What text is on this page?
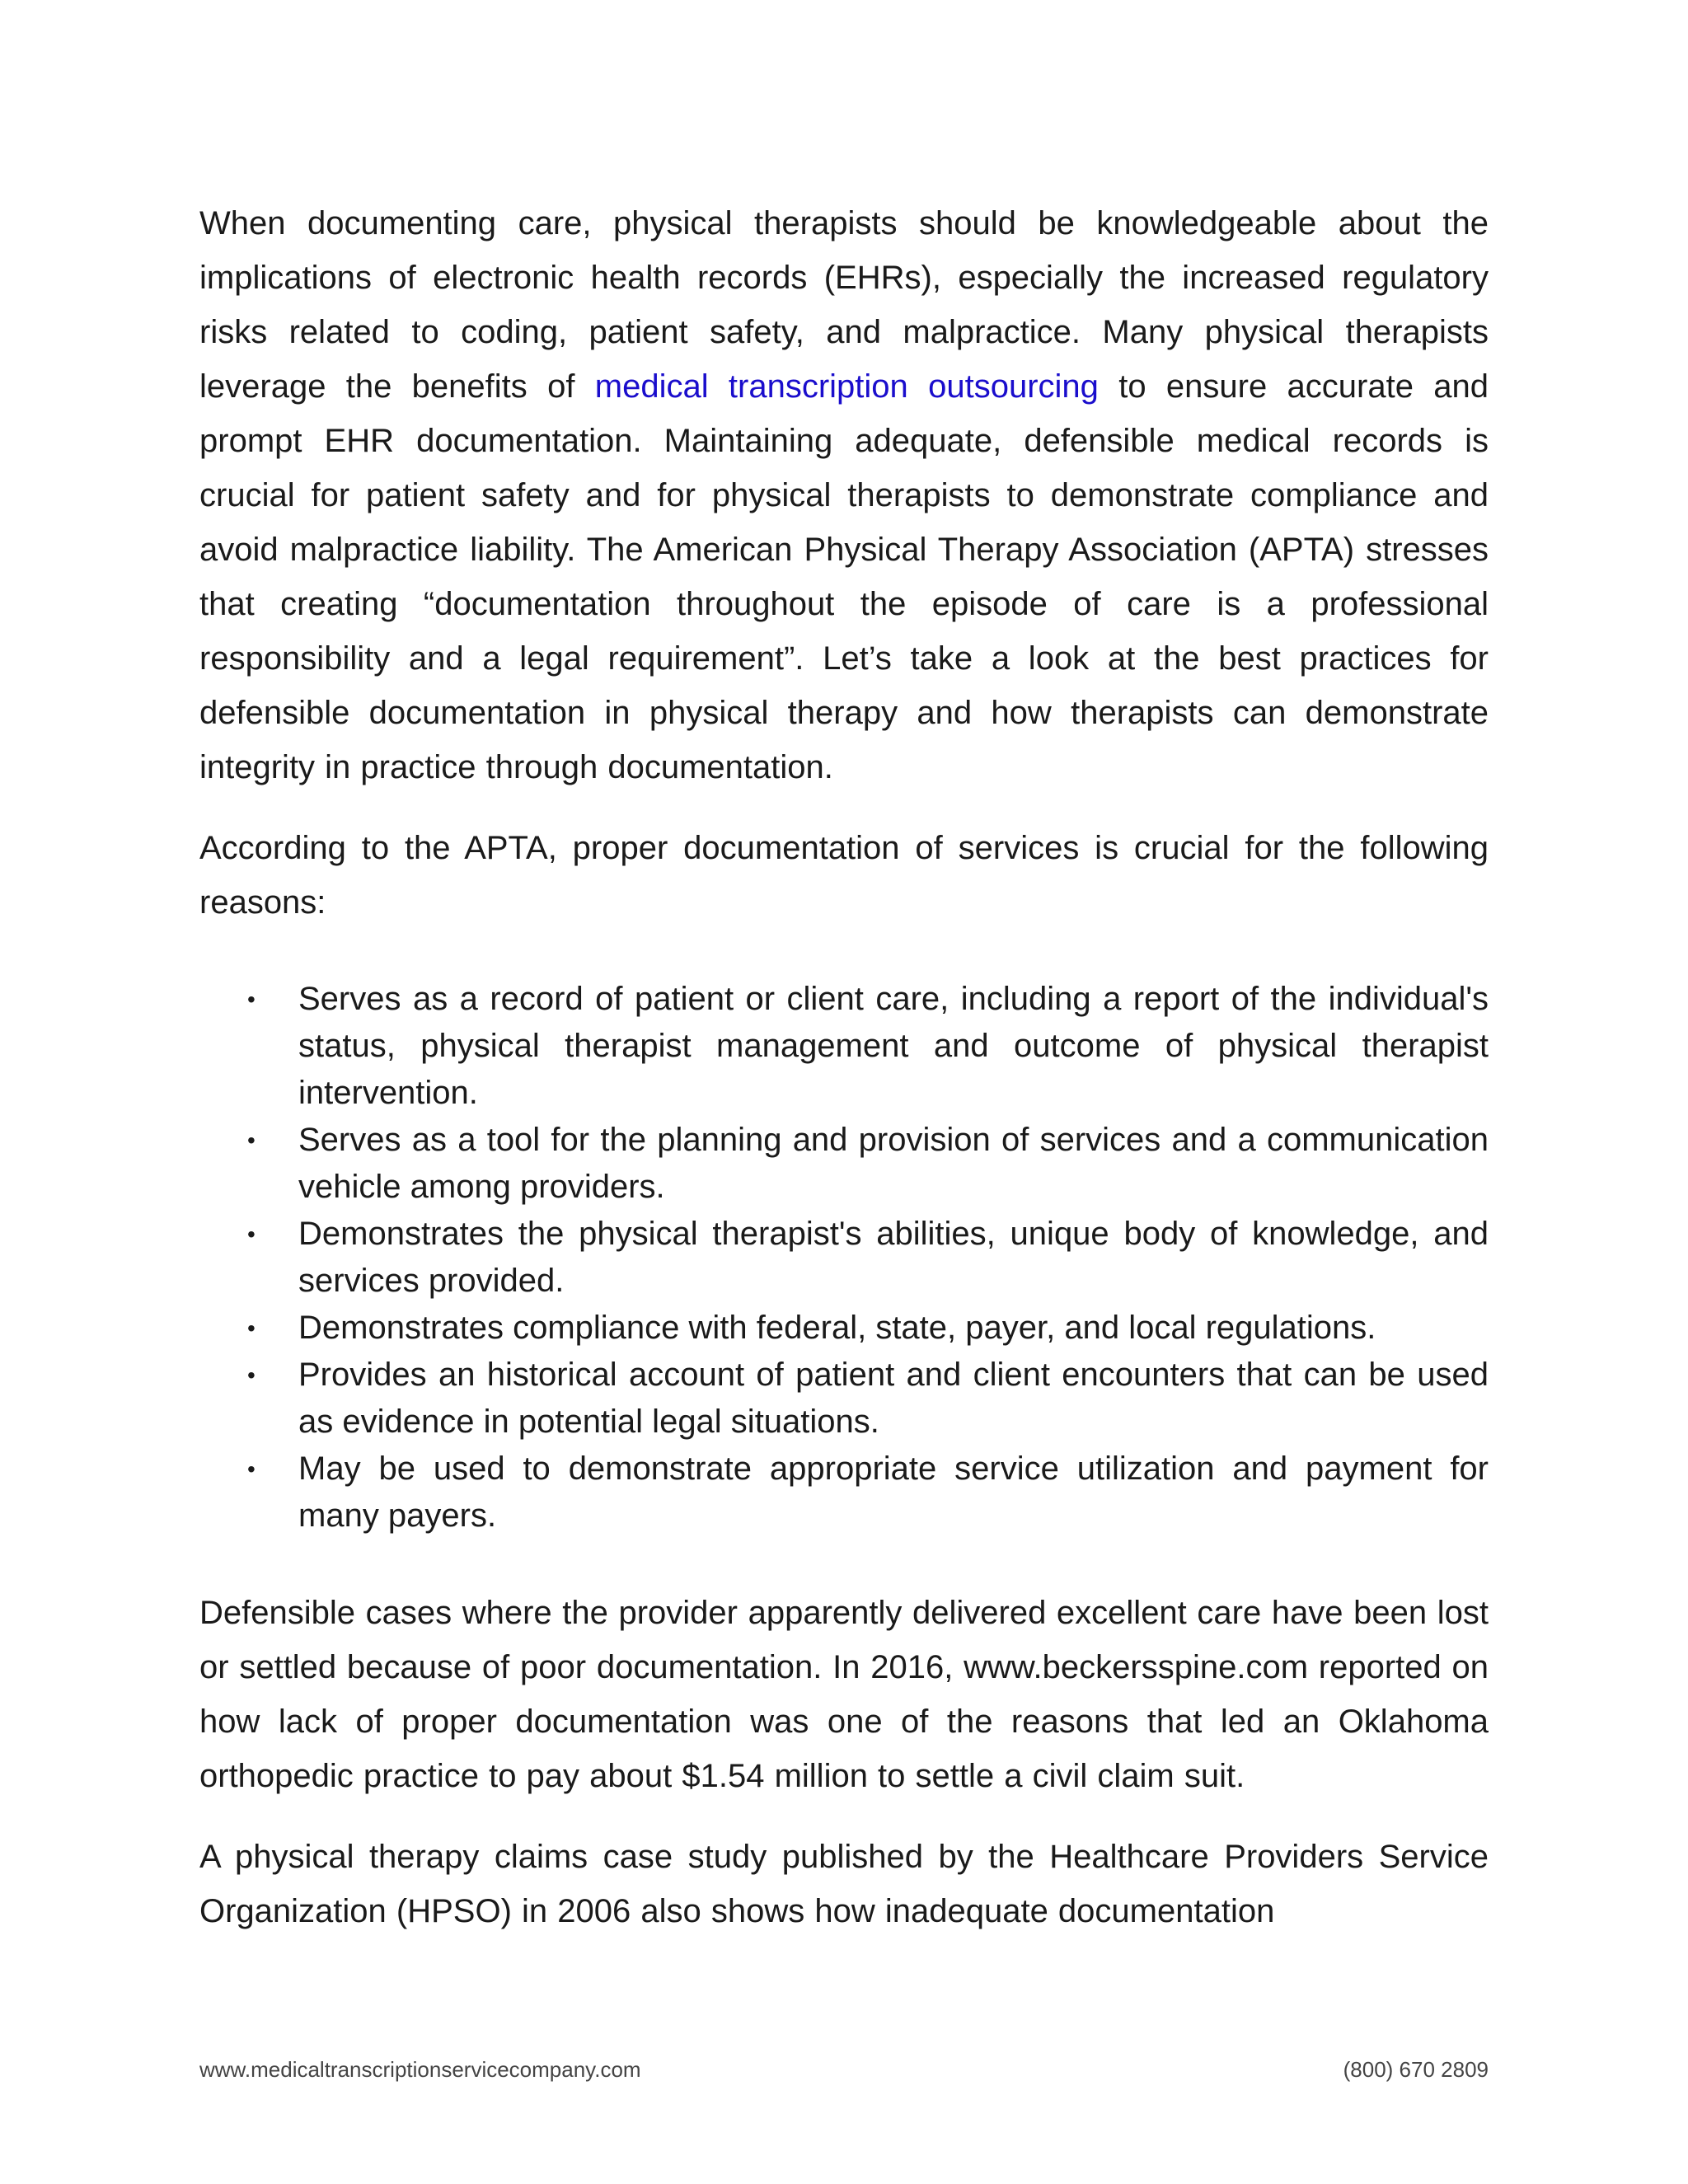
When documenting care, physical therapists should be knowledgeable about the implications of electronic health records (EHRs), especially the increased regulatory risks related to coding, patient safety, and malpractice. Many physical therapists leverage the benefits of medical transcription outsourcing to ensure accurate and prompt EHR documentation. Maintaining adequate, defensible medical records is crucial for patient safety and for physical therapists to demonstrate compliance and avoid malpractice liability. The American Physical Therapy Association (APTA) stresses that creating “documentation throughout the episode of care is a professional responsibility and a legal requirement”. Let’s take a look at the best practices for defensible documentation in physical therapy and how therapists can demonstrate integrity in practice through documentation.

According to the APTA, proper documentation of services is crucial for the following reasons:

• Serves as a record of patient or client care, including a report of the individual's status, physical therapist management and outcome of physical therapist intervention.
• Serves as a tool for the planning and provision of services and a communication vehicle among providers.
• Demonstrates the physical therapist's abilities, unique body of knowledge, and services provided.
• Demonstrates compliance with federal, state, payer, and local regulations.
• Provides an historical account of patient and client encounters that can be used as evidence in potential legal situations.
• May be used to demonstrate appropriate service utilization and payment for many payers.

Defensible cases where the provider apparently delivered excellent care have been lost or settled because of poor documentation. In 2016, www.beckersspine.com reported on how lack of proper documentation was one of the reasons that led an Oklahoma orthopedic practice to pay about $1.54 million to settle a civil claim suit.

A physical therapy claims case study published by the Healthcare Providers Service Organization (HPSO) in 2006 also shows how inadequate documentation

www.medicaltranscriptionservicecompany.com	(800) 670 2809
